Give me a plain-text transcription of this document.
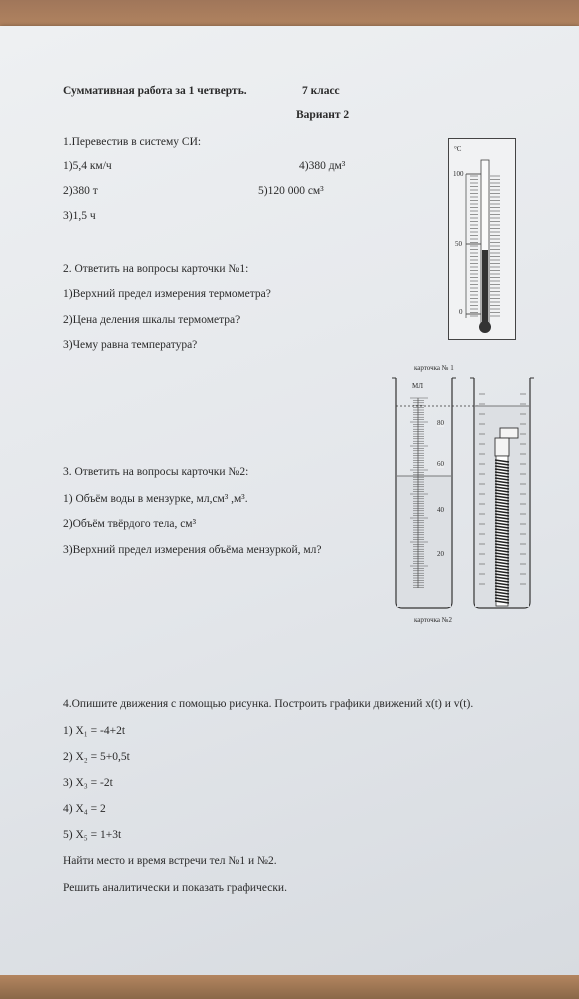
Суммативная работа за 1 четверть.	7 класс
Вариант 2
1.Перевестив в систему СИ:
1)5,4 км/ч
2)380 т
3)1,5 ч
4)380 дм³
5)120 000 см³
2. Ответить на вопросы карточки №1:
1)Верхний предел измерения термометра?
2)Цена деления шкалы термометра?
3)Чему равна температура?
°C
100
50
0
карточка № 1
МЛ
80
60
40
20
карточка №2
3. Ответить на вопросы карточки №2:
1) Объём воды в мензурке, мл,см³ ,м³.
2)Объём твёрдого тела, см³
3)Верхний предел измерения объёма мензуркой, мл?
4.Опишите движения с помощью рисунка. Построить графики движений x(t) и v(t).
1) X₁ = -4+2t
2) X₂ = 5+0,5t
3) X₃ = -2t
4) X₄ = 2
5) X₅ = 1+3t
Найти место и время встречи тел №1 и №2.
Решить аналитически и показать графически.
